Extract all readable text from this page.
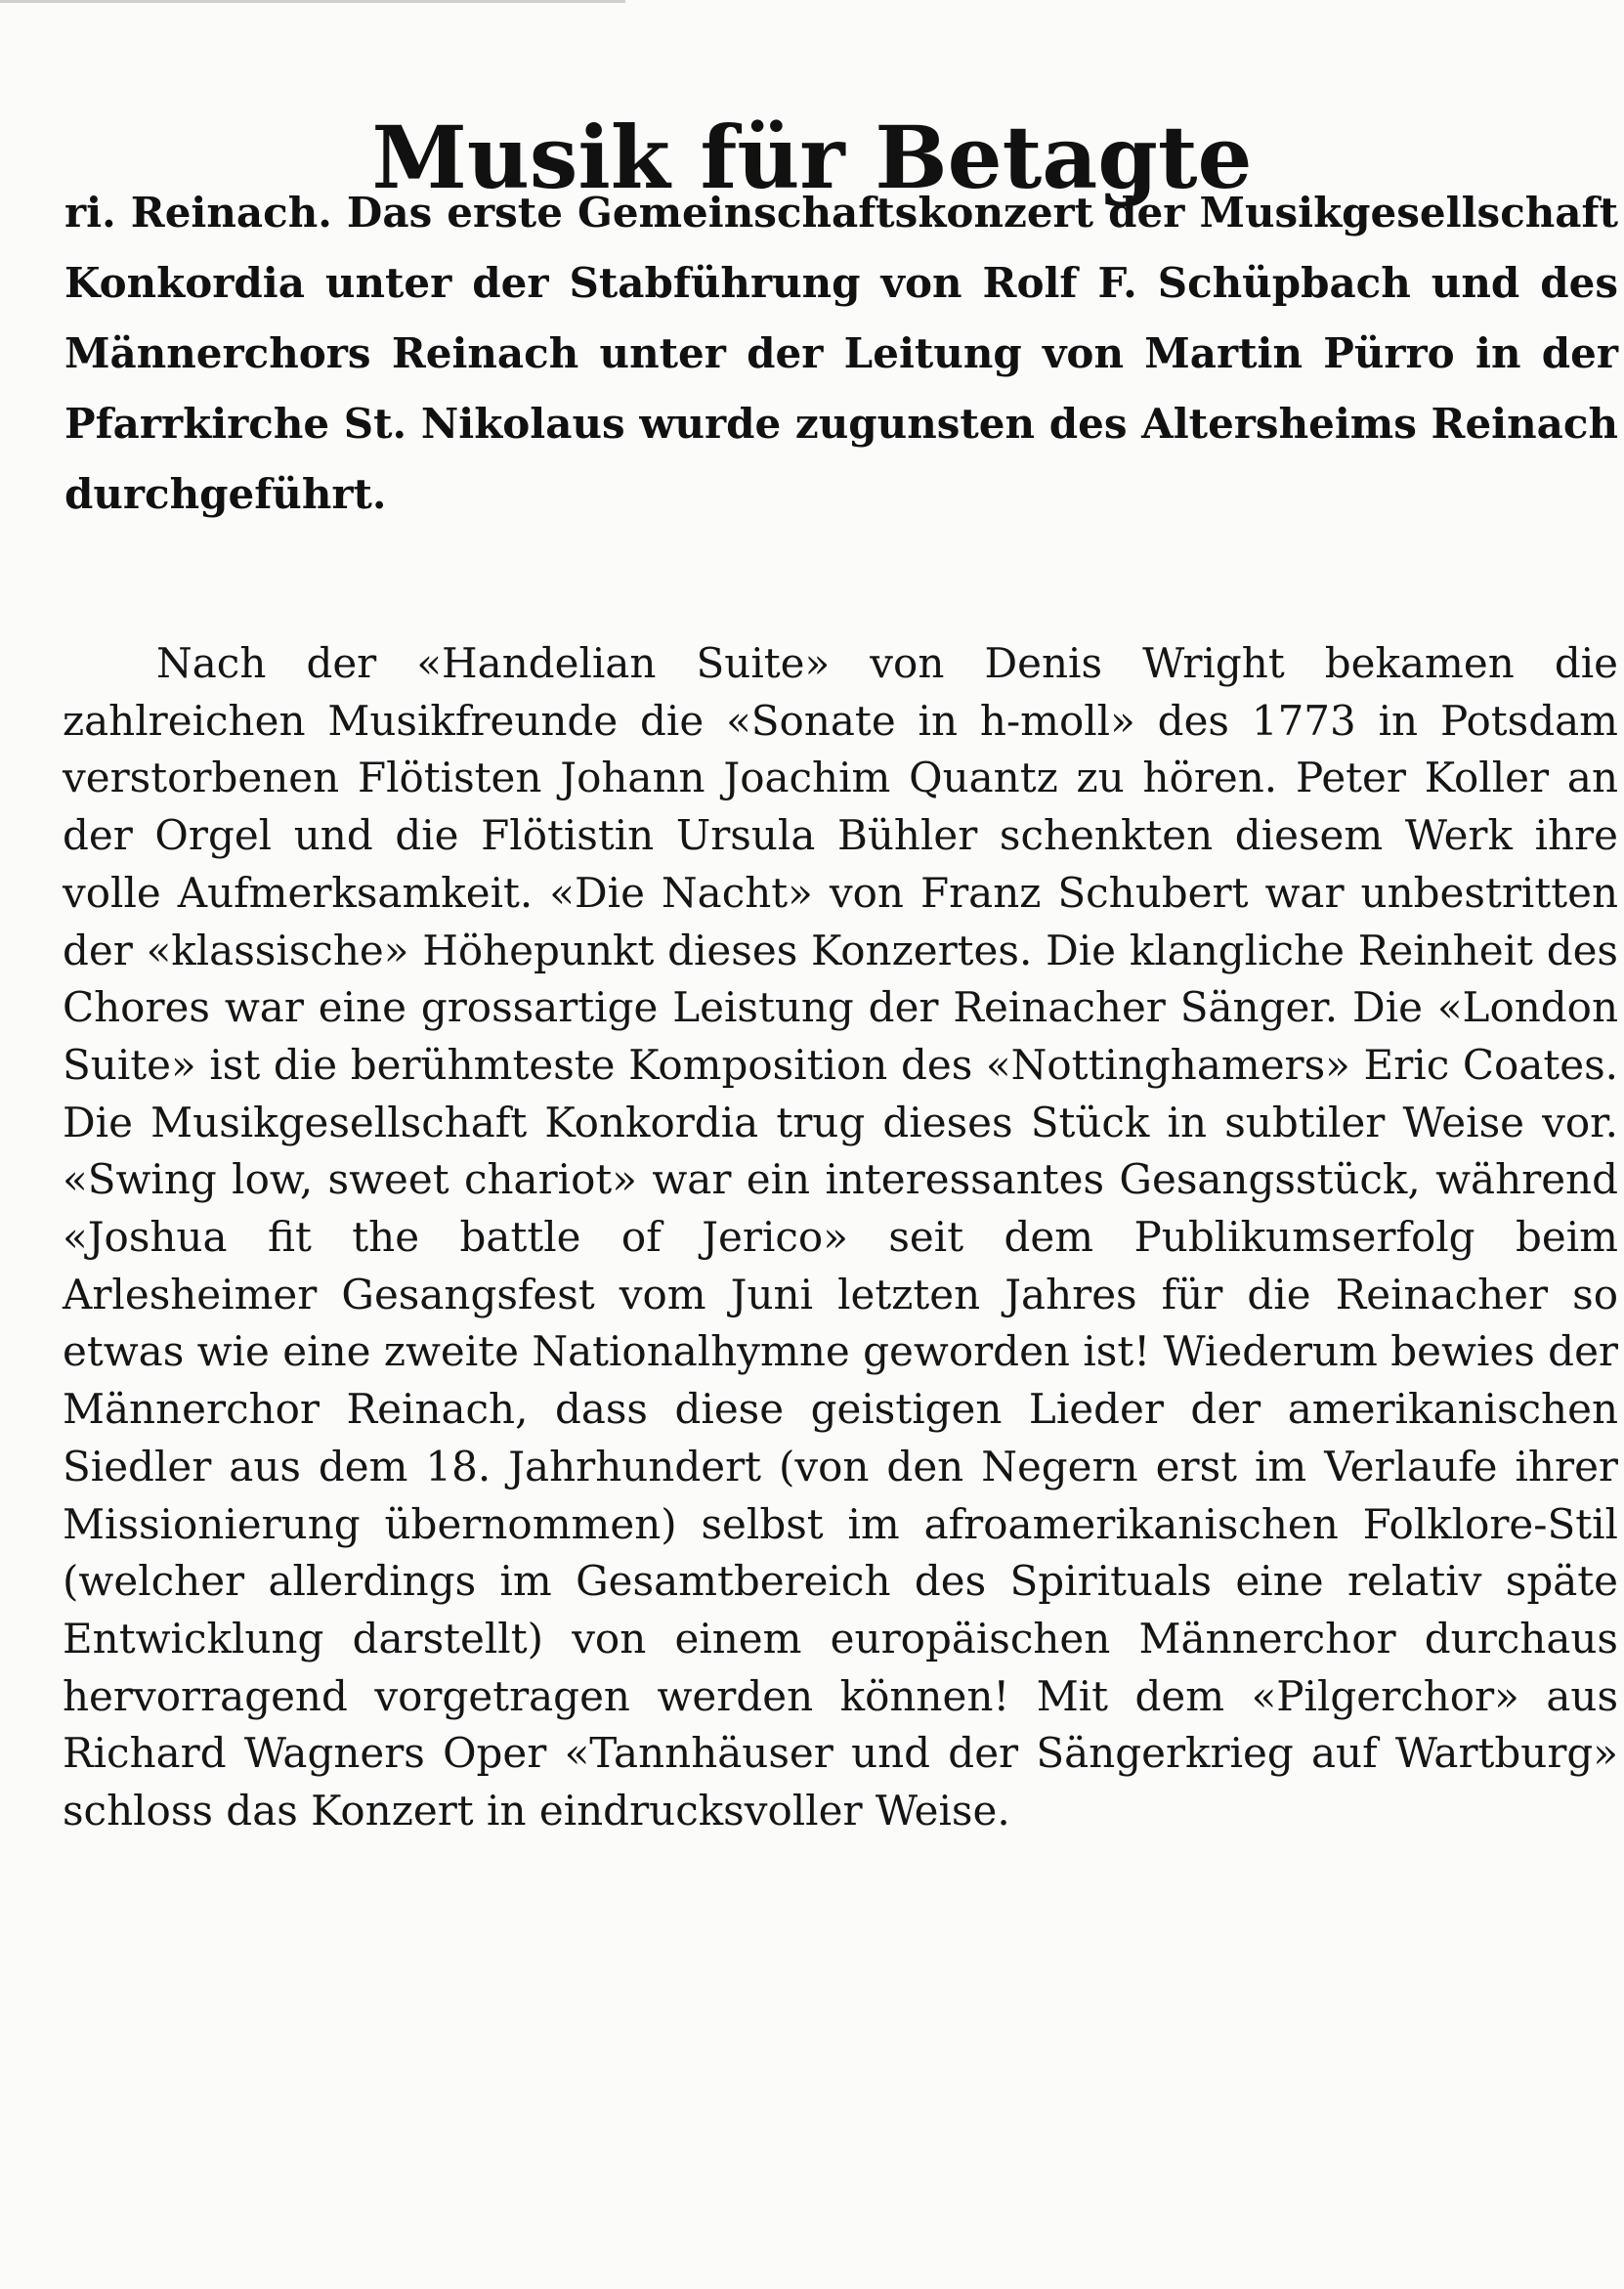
Musik für Betagte

ri. Reinach. Das erste Gemeinschaftskonzert der Musikgesellschaft Konkordia unter der Stabführung von Rolf F. Schüpbach und des Männerchors Reinach unter der Leitung von Martin Pürro in der Pfarrkirche St. Nikolaus wurde zugunsten des Altersheims Reinach durchgeführt.

Nach der «Handelian Suite» von Denis Wright bekamen die zahlreichen Musikfreunde die «Sonate in h-moll» des 1773 in Potsdam verstorbenen Flötisten Johann Joachim Quantz zu hören. Peter Koller an der Orgel und die Flötistin Ursula Bühler schenkten diesem Werk ihre volle Aufmerksamkeit. «Die Nacht» von Franz Schubert war unbestritten der «klassische» Höhepunkt dieses Konzertes. Die klangliche Reinheit des Chores war eine grossartige Leistung der Reinacher Sänger. Die «London Suite» ist die berühmteste Komposition des «Nottinghamers» Eric Coates. Die Musikgesellschaft Konkordia trug dieses Stück in subtiler Weise vor. «Swing low, sweet chariot» war ein interessantes Gesangsstück, während «Joshua fit the battle of Jerico» seit dem Publikumserfolg beim Arlesheimer Gesangsfest vom Juni letzten Jahres für die Reinacher so etwas wie eine zweite Nationalhymne geworden ist! Wiederum bewies der Männerchor Reinach, dass diese geistigen Lieder der amerikanischen Siedler aus dem 18. Jahrhundert (von den Negern erst im Verlaufe ihrer Missionierung übernommen) selbst im afroamerikanischen Folklore-Stil (welcher allerdings im Gesamtbereich des Spirituals eine relativ späte Entwicklung darstellt) von einem europäischen Männerchor durchaus hervorragend vorgetragen werden können! Mit dem «Pilgerchor» aus Richard Wagners Oper «Tannhäuser und der Sängerkrieg auf Wartburg» schloss das Konzert in eindrucksvoller Weise.
